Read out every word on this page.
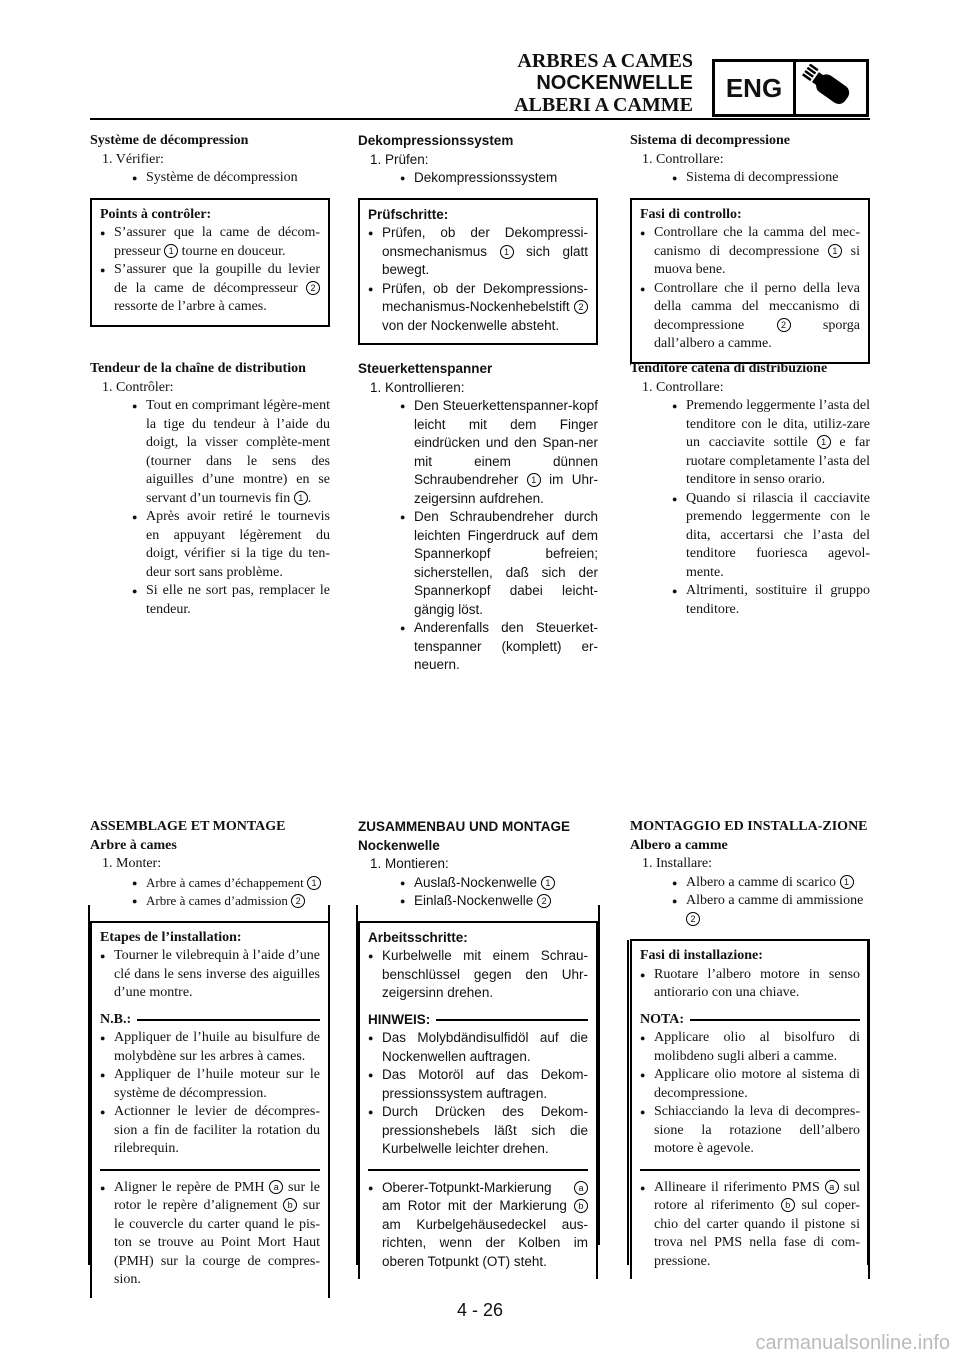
ARBRES A CAMES
NOCKENWELLE
ALBERI A CAMME
ENG
Système de décompression
1. Vérifier:
● Système de décompression
Points à contrôler:
● S’assurer que la came de décom-presseur 1 tourne en douceur.
● S’assurer que la goupille du levier de la came de décompresseur 2 ressorte de l’arbre à cames.
Tendeur de la chaîne de distribution
1. Contrôler:
● Tout en comprimant légère-ment la tige du tendeur à l’aide du doigt, la visser complète-ment (tourner dans le sens des aiguilles d’une montre) en se servant d’un tournevis fin 1 .
● Après avoir retiré le tournevis en appuyant légèrement du doigt, vérifier si la tige du ten-deur sort sans problème.
● Si elle ne sort pas, remplacer le tendeur.
Dekompressionssystem
1. Prüfen:
● Dekompressionssystem
Prüfschritte:
● Prüfen, ob der Dekompressi-onsmechanismus 1 sich glatt bewegt.
● Prüfen, ob der Dekompressions-mechanismus-Nockenhebelstift 2 von der Nockenwelle absteht.
Steuerkettenspanner
1. Kontrollieren:
● Den Steuerkettenspanner-kopf leicht mit dem Finger eindrücken und den Span-ner mit einem dünnen Schraubendreher 1 im Uhr-zeigersinn aufdrehen.
● Den Schraubendreher durch leichten Fingerdruck auf dem Spannerkopf befreien; sicherstellen, daß sich der Spannerkopf dabei leicht-gängig löst.
● Anderenfalls den Steuerket-tenspanner (komplett) er-neuern.
Sistema di decompressione
1. Controllare:
● Sistema di decompressione
Fasi di controllo:
● Controllare che la camma del mec-canismo di decompressione 1 si muova bene.
● Controllare che il perno della leva della camma del meccanismo di decompressione	2	sporga dall’albero a camme.
Tenditore catena di distribuzione
1. Controllare:
● Premendo leggermente l’asta del tenditore con le dita, utiliz-zare un cacciavite sottile 1 e far ruotare completamente l’asta del tenditore in senso orario.
● Quando si rilascia il cacciavite premendo leggermente con le dita, accertarsi che l’asta del tenditore fuoriesca agevol-mente.
● Altrimenti, sostituire il gruppo tenditore.
ASSEMBLAGE ET MONTAGE
Arbre à cames
1. Monter:
● Arbre à cames d’échappement 1
● Arbre à cames d’admission 2
Etapes de l’installation:
● Tourner le vilebrequin à l’aide d’une clé dans le sens inverse des aiguilles d’une montre.
N.B.:
● Appliquer de l’huile au bisulfure de molybdène sur les arbres à cames.
● Appliquer de l’huile moteur sur le système de décompression.
● Actionner le levier de décompres-sion a fin de faciliter la rotation du rilebrequin.
● Aligner le repère de PMH a sur le rotor le repère d’alignement b sur le couvercle du carter quand le pis-ton se trouve au Point Mort Haut (PMH) sur la courge de compres-sion.
ZUSAMMENBAU UND MONTAGE
Nockenwelle
1. Montieren:
● Auslaß-Nockenwelle 1
● Einlaß-Nockenwelle 2
Arbeitsschritte:
● Kurbelwelle mit einem Schrau-benschlüssel gegen den Uhr-zeigersinn drehen.
HINWEIS:
● Das Molybdändisulfidöl auf die Nockenwellen auftragen.
● Das Motoröl auf das Dekom-pressionssystem auftragen.
● Durch Drücken des Dekom-pressionshebels läßt sich die Kurbelwelle leichter drehen.
● Oberer-Totpunkt-Markierung	a am Rotor mit der Markierung b am Kurbelgehäusedeckel aus-richten, wenn der Kolben im oberen Totpunkt (OT) steht.
MONTAGGIO ED INSTALLA-ZIONE
Albero a camme
1. Installare:
● Albero a camme di scarico 1
● Albero a camme di ammissione 2
Fasi di installazione:
● Ruotare l’albero motore in senso antiorario con una chiave.
NOTA:
● Applicare olio al bisolfuro di molibdeno sugli alberi a camme.
● Applicare olio motore al sistema di decompressione.
● Schiacciando la leva di decompres-sione la rotazione dell’albero motore è agevole.
● Allineare il riferimento PMS a sul rotore al riferimento b sul coper-chio del carter quando il pistone si trova nel PMS nella fase di com-pressione.
4 - 26
carmanualsonline.info
